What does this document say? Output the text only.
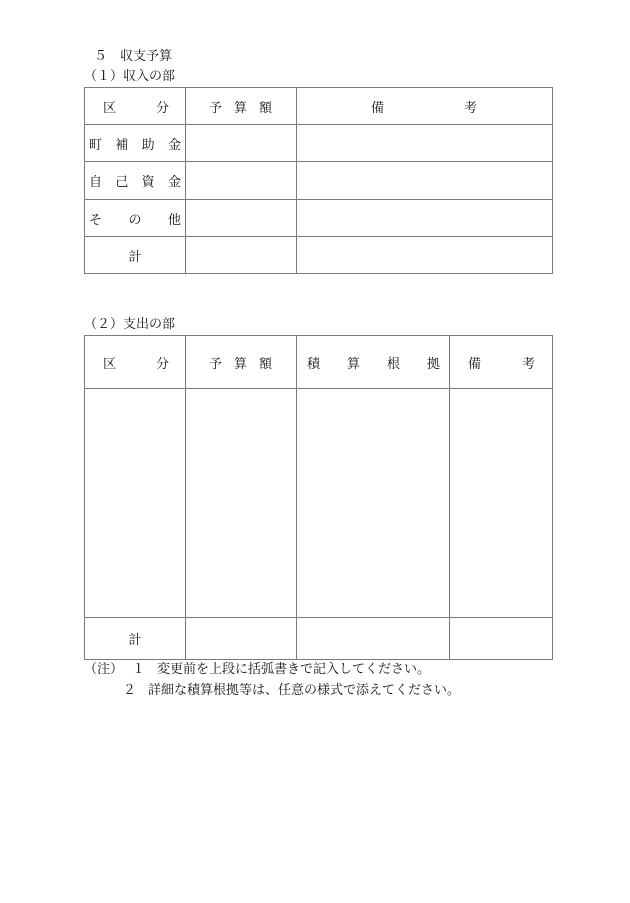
５　収支予算
（１）収入の部
区 分	予 算 額	備 考

町 補 助 金		

自 己 資 金		

そ の 他		

計		
（２）支出の部
区 分	予 算 額	積 算 根 拠	備 考

計			
（注） １ 変更前を上段に括弧書きで記入してください。
２ 詳細な積算根拠等は、任意の様式で添えてください。
